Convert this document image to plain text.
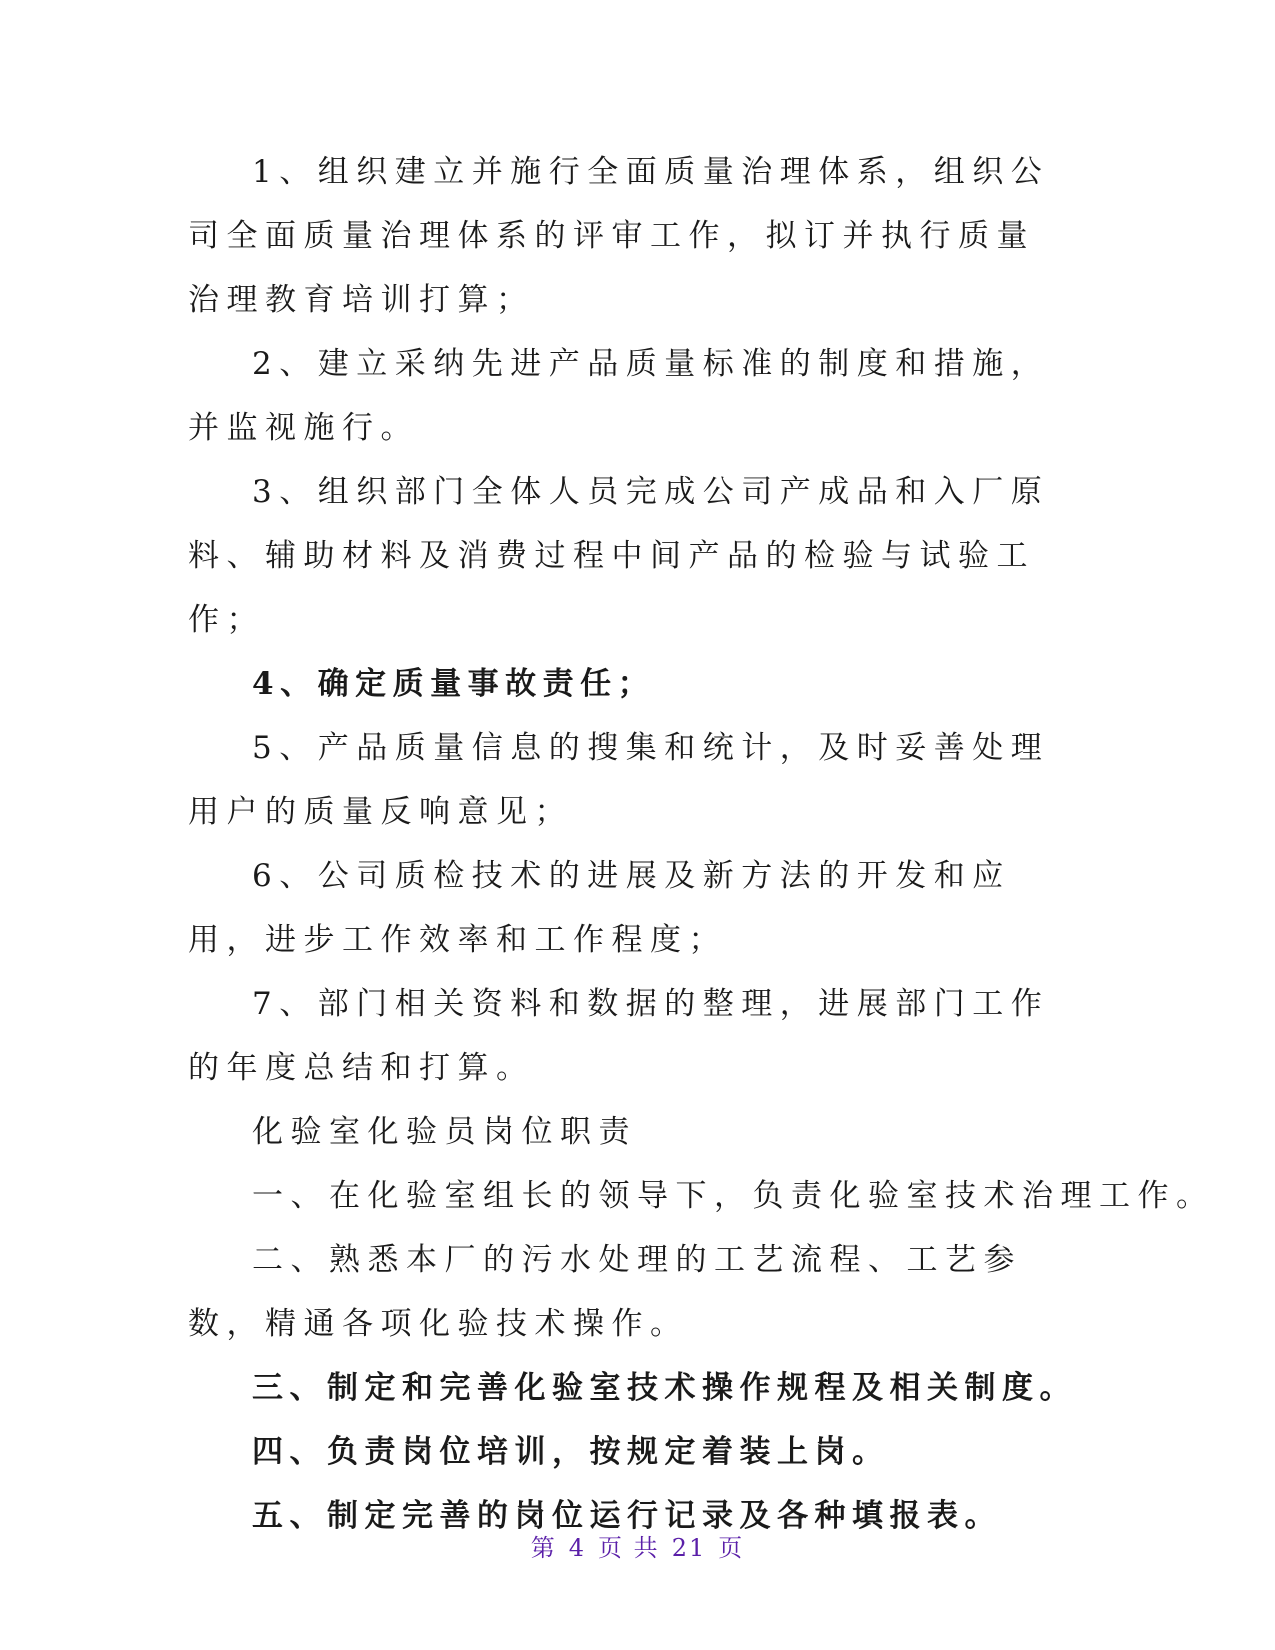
1、组织建立并施行全面质量治理体系，组织公司全面质量治理体系的评审工作，拟订并执行质量治理教育培训打算；

2、建立采纳先进产品质量标准的制度和措施，并监视施行。

3、组织部门全体人员完成公司产成品和入厂原料、辅助材料及消费过程中间产品的检验与试验工作；

4、确定质量事故责任；

5、产品质量信息的搜集和统计，及时妥善处理用户的质量反响意见；

6、公司质检技术的进展及新方法的开发和应用，进步工作效率和工作程度；

7、部门相关资料和数据的整理，进展部门工作的年度总结和打算。

化验室化验员岗位职责

一、在化验室组长的领导下，负责化验室技术治理工作。

二、熟悉本厂的污水处理的工艺流程、工艺参数，精通各项化验技术操作。

三、制定和完善化验室技术操作规程及相关制度。

四、负责岗位培训，按规定着装上岗。

五、制定完善的岗位运行记录及各种填报表。

第 4 页 共 21 页
